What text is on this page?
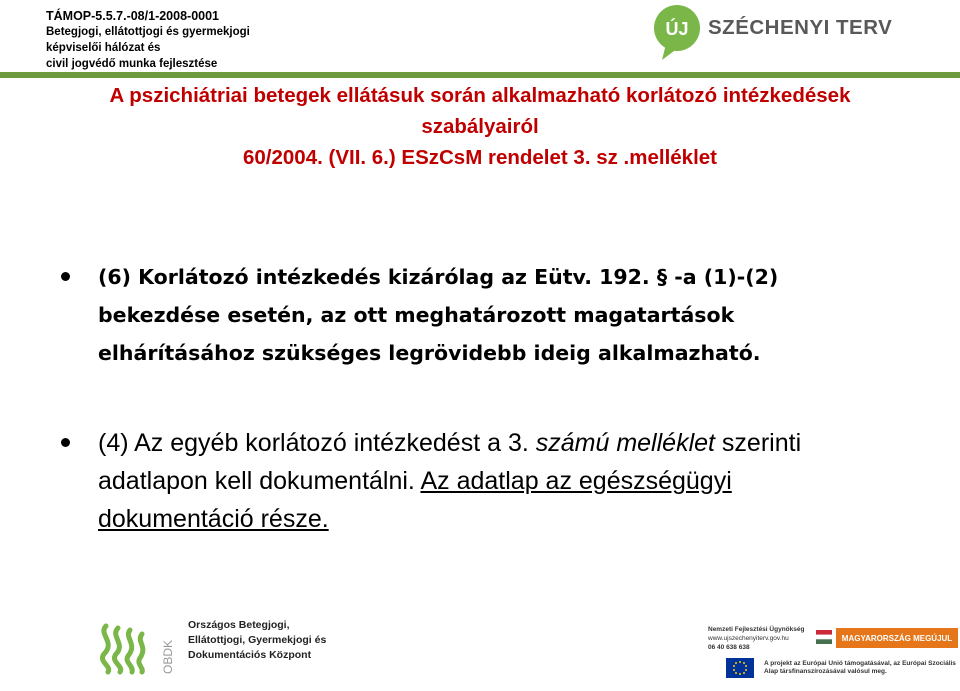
TÁMOP-5.5.7.-08/1-2008-0001
Betegjogi, ellátottjogi és gyermekjogi
képviselői hálózat és
civil jogvédő munka fejlesztése
ÚJ SZÉCHENYI TERV
A pszichiátriai betegek ellátásuk során alkalmazható korlátozó intézkedések
szabályairól
60/2004. (VII. 6.) ESzCsM rendelet 3. sz .melléklet
(6) Korlátozó intézkedés kizárólag az Eütv. 192. § -a (1)-(2) bekezdése esetén, az ott meghatározott magatartások elhárításához szükséges legrövidebb ideig alkalmazható.
(4) Az egyéb korlátozó intézkedést a 3. számú melléklet szerinti adatlapon kell dokumentálni. Az adatlap az egészségügyi dokumentáció része.
OBDK
Országos Betegjogi,
Ellátottjogi, Gyermekjogi és
Dokumentációs Központ
Nemzeti Fejlesztési Ügynökség
www.ujszechenyiterv.gov.hu
06 40 638 638
MAGYARORSZÁG MEGÚJUL
A projekt az Európai Unió támogatásával, az Európai Szociális Alap társfinanszírozásával valósul meg.
